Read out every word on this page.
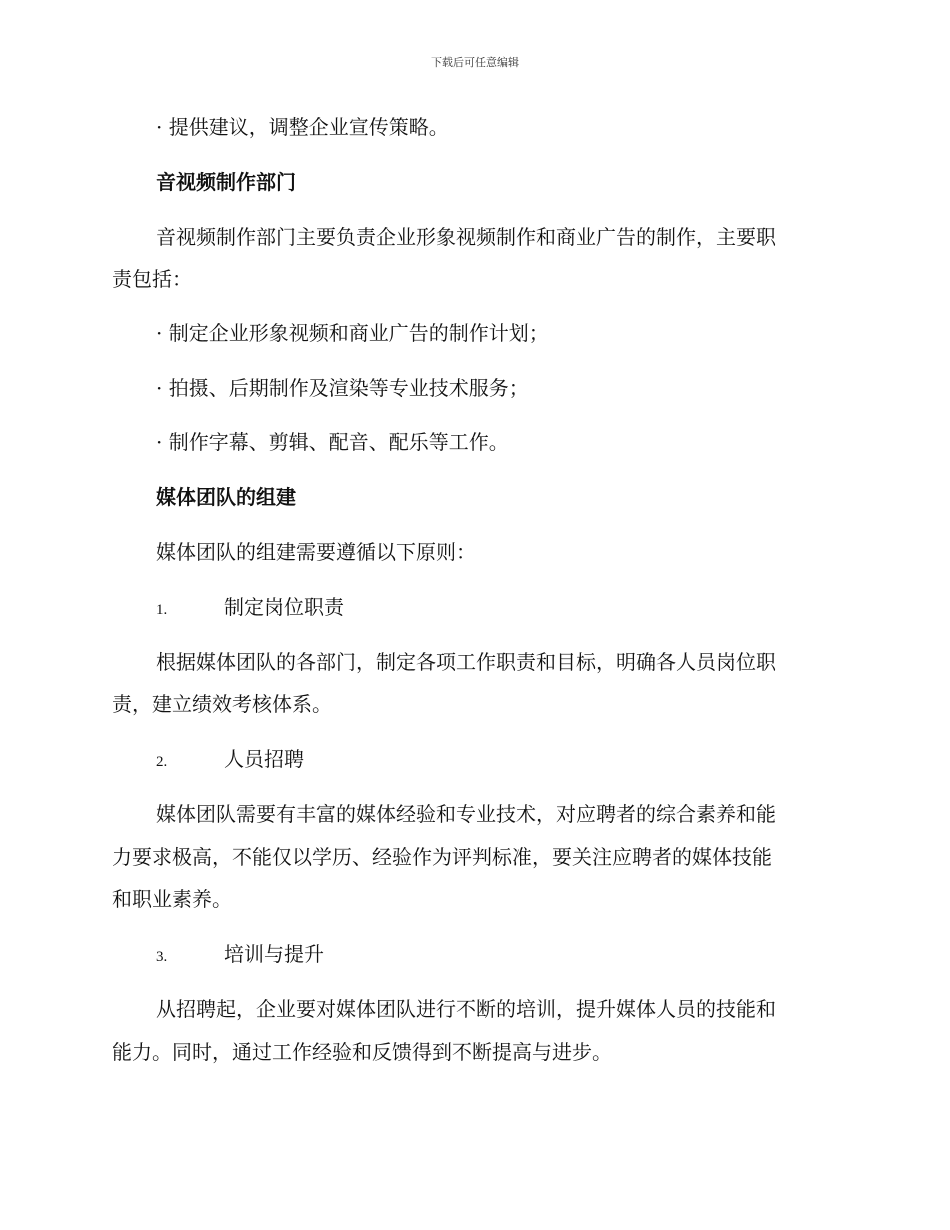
下载后可任意编辑
· 提供建议，调整企业宣传策略。
音视频制作部门
音视频制作部门主要负责企业形象视频制作和商业广告的制作，主要职
责包括：
· 制定企业形象视频和商业广告的制作计划；
· 拍摄、后期制作及渲染等专业技术服务；
· 制作字幕、剪辑、配音、配乐等工作。
媒体团队的组建
媒体团队的组建需要遵循以下原则：
1.	制定岗位职责
根据媒体团队的各部门，制定各项工作职责和目标，明确各人员岗位职
责，建立绩效考核体系。
2.	人员招聘
媒体团队需要有丰富的媒体经验和专业技术，对应聘者的综合素养和能
力要求极高，不能仅以学历、经验作为评判标准，要关注应聘者的媒体技能
和职业素养。
3.	培训与提升
从招聘起，企业要对媒体团队进行不断的培训，提升媒体人员的技能和
能力。同时，通过工作经验和反馈得到不断提高与进步。
